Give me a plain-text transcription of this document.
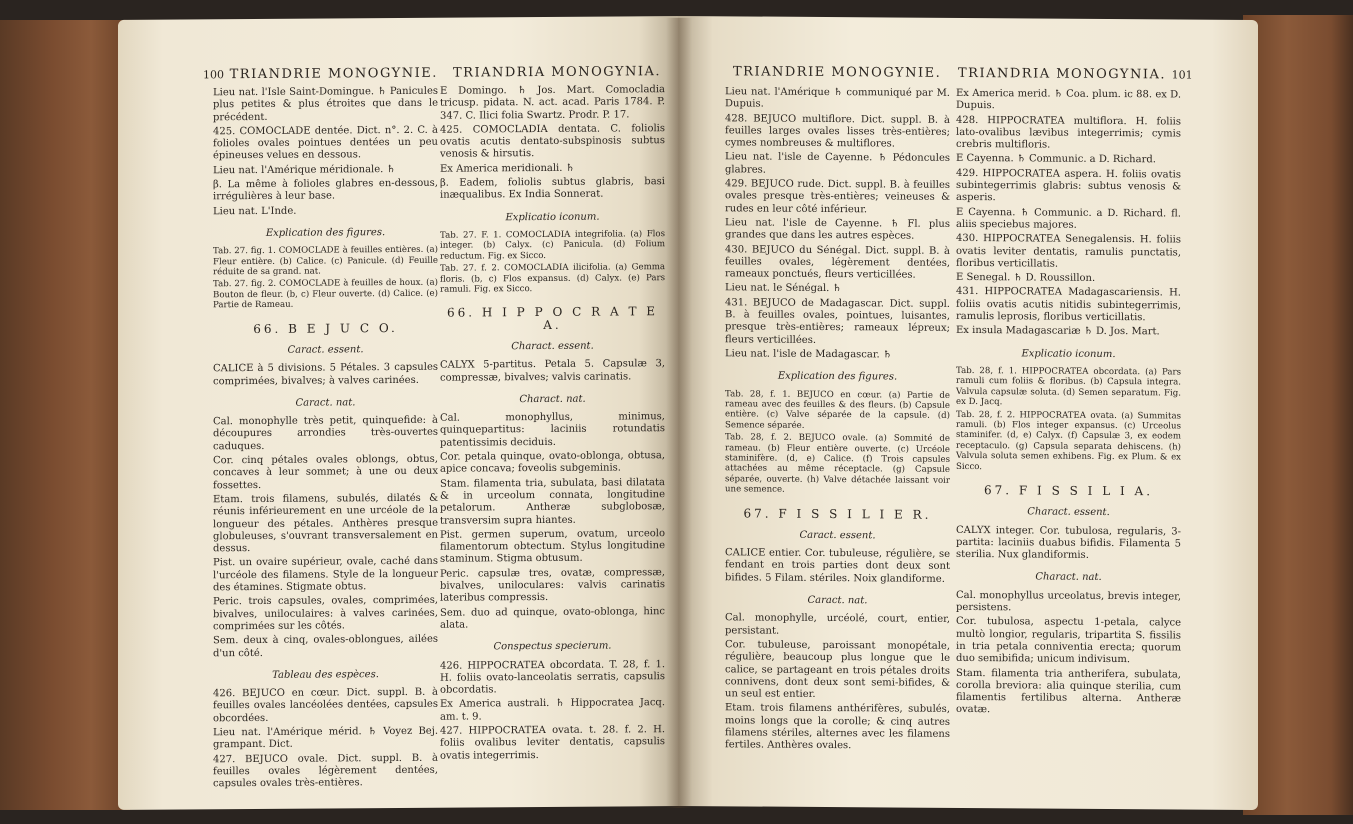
100 TRIANDRIE MONOGYNIE. TRIANDRIA MONOGYNIA.

Lieu nat. l'Isle Saint-Domingue. ♄ Panicules plus petites & plus étroites que dans le précédent.

425. COMOCLADE dentée. Dict. n°. 2. C. à folioles ovales pointues dentées un peu épineuses velues en dessous.

Lieu nat. l'Amérique méridionale. ♄

β. La même à folioles glabres en-dessous, irrégulières à leur base.

Lieu nat. L'Inde.

Explication des figures.

Tab. 27. fig. 1. COMOCLADE à feuilles entières. (a) Fleur entière. (b) Calice. (c) Panicule. (d) Feuille réduite de sa grand. nat.

Tab. 27. fig. 2. COMOCLADE à feuilles de houx. (a) Bouton de fleur. (b, c) Fleur ouverte. (d) Calice. (e) Partie de Rameau.

66. B E J U C O.

Caract. essent.

CALICE à 5 divisions. 5 Pétales. 3 capsules comprimées, bivalves; à valves carinées.

Caract. nat.

Cal. monophylle très petit, quinquefide: à découpures arrondies très-ouvertes caduques.

Cor. cinq pétales ovales oblongs, obtus, concaves à leur sommet; à une ou deux fossettes.

Etam. trois filamens, subulés, dilatés & réunis inférieurement en une urcéole de la longueur des pétales. Anthères presque globuleuses, s'ouvrant transversalement en dessus.

Pist. un ovaire supérieur, ovale, caché dans l'urcéole des filamens. Style de la longueur des étamines. Stigmate obtus.

Peric. trois capsules, ovales, comprimées, bivalves, uniloculaires: à valves carinées, comprimées sur les côtés.

Sem. deux à cinq, ovales-oblongues, ailées d'un côté.

Tableau des espèces.

426. BEJUCO en cœur. Dict. suppl. B. à feuilles ovales lancéolées dentées, capsules obcordées.

Lieu nat. l'Amérique mérid. ♄ Voyez Bej. grampant. Dict.

427. BEJUCO ovale. Dict. suppl. B. à feuilles ovales légèrement dentées, capsules ovales très-entières.

E Domingo. ♄ Jos. Mart. Comocladia tricusp. pidata. N. act. acad. Paris 1784. P. 347. C. Ilici folia Swartz. Prodr. P. 17.

425. COMOCLADIA dentata. C. foliolis ovatis acutis dentato-subspinosis subtus venosis & hirsutis.

Ex America meridionali. ♄

β. Eadem, foliolis subtus glabris, basi inæqualibus. Ex India Sonnerat.

Explicatio iconum.

Tab. 27. F. 1. COMOCLADIA integrifolia. (a) Flos integer. (b) Calyx. (c) Panicula. (d) Folium reductum. Fig. ex Sicco.

Tab. 27. f. 2. COMOCLADIA ilicifolia. (a) Gemma floris. (b, c) Flos expansus. (d) Calyx. (e) Pars ramuli. Fig. ex Sicco.

66. H I P P O C R A T E A.

Charact. essent.

CALYX 5-partitus. Petala 5. Capsulæ 3, compressæ, bivalves; valvis carinatis.

Charact. nat.

Cal. monophyllus, minimus, quinquepartitus: laciniis rotundatis patentissimis deciduis.

Cor. petala quinque, ovato-oblonga, obtusa, apice concava; foveolis subgeminis.

Stam. filamenta tria, subulata, basi dilatata & in urceolum connata, longitudine petalorum. Antheræ subglobosæ, transversim supra hiantes.

Pist. germen superum, ovatum, urceolo filamentorum obtectum. Stylus longitudine staminum. Stigma obtusum.

Peric. capsulæ tres, ovatæ, compressæ, bivalves, uniloculares: valvis carinatis lateribus compressis.

Sem. duo ad quinque, ovato-oblonga, hinc alata.

Conspectus specierum.

426. HIPPOCRATEA obcordata. T. 28, f. 1. H. foliis ovato-lanceolatis serratis, capsulis obcordatis.

Ex America australi. ♄ Hippocratea Jacq. am. t. 9.

427. HIPPOCRATEA ovata. t. 28. f. 2. H. foliis ovalibus leviter dentatis, capsulis ovatis integerrimis.

TRIANDRIE MONOGYNIE. TRIANDRIA MONOGYNIA. 101

Lieu nat. l'Amérique ♄ communiqué par M. Dupuis.

428. BEJUCO multiflore. Dict. suppl. B. à feuilles larges ovales lisses très-entières; cymes nombreuses & multiflores.

Lieu nat. l'isle de Cayenne. ♄ Pédoncules glabres.

429. BEJUCO rude. Dict. suppl. B. à feuilles ovales presque très-entières; veineuses & rudes en leur côté inférieur.

Lieu nat. l'isle de Cayenne. ♄ Fl. plus grandes que dans les autres espèces.

430. BEJUCO du Sénégal. Dict. suppl. B. à feuilles ovales, légèrement dentées, rameaux ponctués, fleurs verticillées.

Lieu nat. le Sénégal. ♄

431. BEJUCO de Madagascar. Dict. suppl. B. à feuilles ovales, pointues, luisantes, presque très-entières; rameaux lépreux; fleurs verticillées.

Lieu nat. l'isle de Madagascar. ♄

Explication des figures.

Tab. 28, f. 1. BEJUCO en cœur. (a) Partie de rameau avec des feuilles & des fleurs. (b) Capsule entière. (c) Valve séparée de la capsule. (d) Semence séparée.

Tab. 28, f. 2. BEJUCO ovale. (a) Sommité de rameau. (b) Fleur entière ouverte. (c) Urcéole staminifère. (d, e) Calice. (f) Trois capsules attachées au même réceptacle. (g) Capsule séparée, ouverte. (h) Valve détachée laissant voir une semence.

67. F I S S I L I E R.

Caract. essent.

CALICE entier. Cor. tubuleuse, régulière, se fendant en trois parties dont deux sont bifides. 5 Filam. stériles. Noix glandiforme.

Caract. nat.

Cal. monophylle, urcéolé, court, entier, persistant.

Cor. tubuleuse, paroissant monopétale, régulière, beaucoup plus longue que le calice, se partageant en trois pétales droits connivens, dont deux sont semi-bifides, & un seul est entier.

Etam. trois filamens anthérifères, subulés, moins longs que la corolle; & cinq autres filamens stériles, alternes avec les filamens fertiles. Anthères ovales.

Ex America merid. ♄ Coa. plum. ic 88. ex D. Dupuis.

428. HIPPOCRATEA multiflora. H. foliis lato-ovalibus lævibus integerrimis; cymis crebris multifloris.

E Cayenna. ♄ Communic. a D. Richard.

429. HIPPOCRATEA aspera. H. foliis ovatis subintegerrimis glabris: subtus venosis & asperis.

E Cayenna. ♄ Communic. a D. Richard. fl. aliis speciebus majores.

430. HIPPOCRATEA Senegalensis. H. foliis ovatis leviter dentatis, ramulis punctatis, floribus verticillatis.

E Senegal. ♄ D. Roussillon.

431. HIPPOCRATEA Madagascariensis. H. foliis ovatis acutis nitidis subintegerrimis, ramulis leprosis, floribus verticillatis.

Ex insula Madagascariæ ♄ D. Jos. Mart.

Explicatio iconum.

Tab. 28, f. 1. HIPPOCRATEA obcordata. (a) Pars ramuli cum foliis & floribus. (b) Capsula integra. Valvula capsulæ soluta. (d) Semen separatum. Fig. ex D. Jacq.

Tab. 28, f. 2. HIPPOCRATEA ovata. (a) Summitas ramuli. (b) Flos integer expansus. (c) Urceolus staminifer. (d, e) Calyx. (f) Capsulæ 3, ex eodem receptaculo. (g) Capsula separata dehiscens. (h) Valvula soluta semen exhibens. Fig. ex Plum. & ex Sicco.

67. F I S S I L I A.

Charact. essent.

CALYX integer. Cor. tubulosa, regularis, 3-partita: laciniis duabus bifidis. Filamenta 5 sterilia. Nux glandiformis.

Charact. nat.

Cal. monophyllus urceolatus, brevis integer, persistens.

Cor. tubulosa, aspectu 1-petala, calyce multò longior, regularis, tripartita S. fissilis in tria petala conniventia erecta; quorum duo semibifida; unicum indivisum.

Stam. filamenta tria antherifera, subulata, corolla breviora: alia quinque sterilia, cum filamentis fertilibus alterna. Antheræ ovatæ.
